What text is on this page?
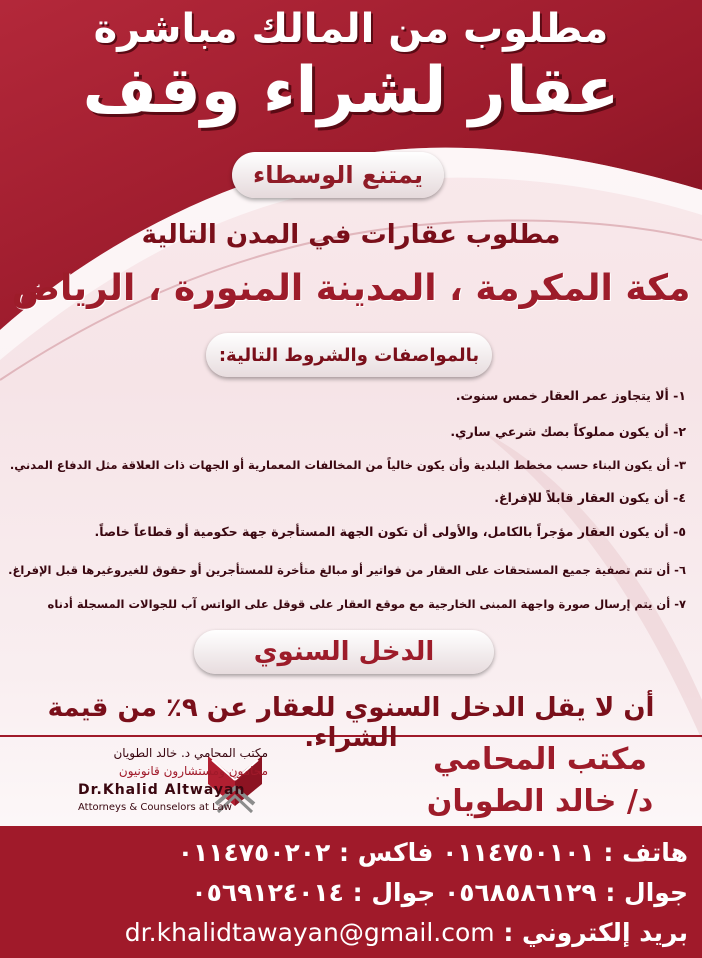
مطلوب من المالك مباشرة
عقار لشراء وقف
يمتنع الوسطاء
مطلوب عقارات في المدن التالية
مكة المكرمة ، المدينة المنورة ، الرياض
بالمواصفات والشروط التالية:
١- ألا يتجاوز عمر العقار خمس سنوت.
٢- أن يكون مملوكاً بصك شرعي ساري.
٣- أن يكون البناء حسب مخطط البلدية وأن يكون خالياً من المخالفات المعمارية أو الجهات ذات العلاقة مثل الدفاع المدني.
٤- أن يكون العقار قابلاً للإفراغ.
٥- أن يكون العقار مؤجراً بالكامل، والأولى أن تكون الجهة المستأجرة جهة حكومية أو قطاعاً خاصاً.
٦- أن تتم تصفية جميع المستحقات على العقار من فواتير أو مبالغ متأخرة للمستأجرين أو حقوق للغيروغيرها قبل الإفراغ.
٧- أن يتم إرسال صورة واجهة المبنى الخارجية مع موقع العقار على قوقل على الواتس آب للجوالات المسجلة أدناه
الدخل السنوي
أن لا يقل الدخل السنوي للعقار عن ٩٪ من قيمة الشراء.
مكتب المحامي د. خالد الطويان
محامون ومستشارون قانونيون
Dr.Khalid Altwayan
Attorneys & Counselors at Law
مكتب المحامي
د/ خالد الطويان
هاتف : ٠١١٤٧٥٠١٠١ فاكس : ٠١١٤٧٥٠٢٠٢
جوال : ٠٥٦٨٥٨٦١٢٩ جوال : ٠٥٦٩١٢٤٠١٤
بريد إلكتروني : dr.khalidtawayan@gmail.com
